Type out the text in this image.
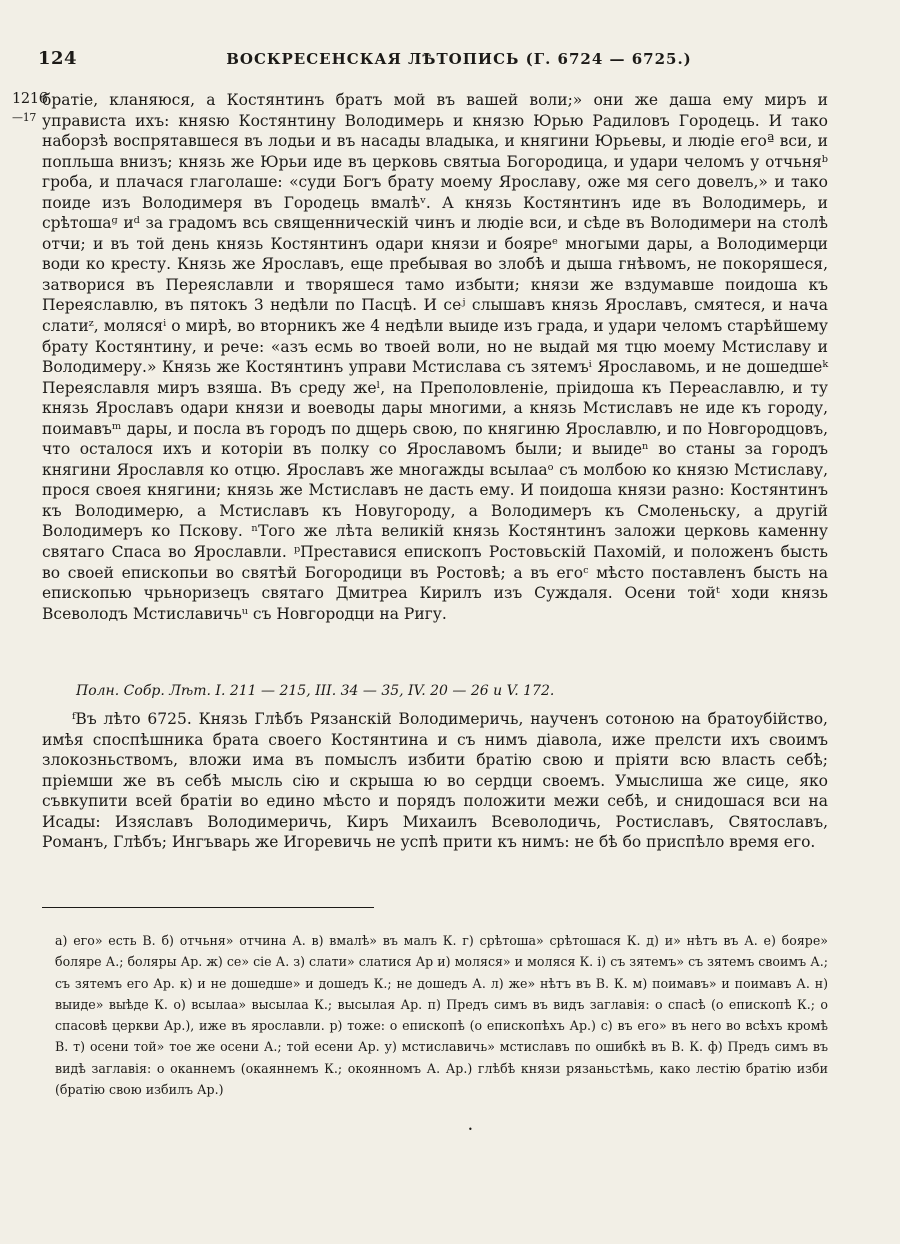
124	ВОСКРЕСЕНСКАЯ ЛѢТОПИСЬ (Г. 6724 — 6725.)
1216
—17
братіе, кланяюся, а Костянтинъ братъ мой въ вашей воли;» они же даша ему миръ и управиста ихъ: княѕю Костянтину Володимерь и князю Юрью Радиловъ Городець. И тако наборзѣ воспрятавшеся въ лодьи и въ насады владыка, и княгини Юрьевы, и людіе егоª вси, и попльша внизъ; князь же Юрьи иде въ церковь святыа Богородица, и удари челомъ у отчьняᵇ гроба, и плачася глаголаше: «суди Богъ брату моему Ярославу, оже мя сего довелъ,» и тако поиде изъ Володимеря въ Городець вмалѣᵛ. А князь Костянтинъ иде въ Володимерь, и срѣтошаᶢ иᵈ за градомъ всь священническій чинъ и людіе вси, и сѣде въ Володимери на столѣ отчи; и въ той день князь Костянтинъ одари князи и бояреᵉ многыми дары, а Володимерци води ко кресту. Князь же Ярославъ, еще пребывая во злобѣ и дыша гнѣвомъ, не покоряшеся, затворися въ Переяславли и творяшеся тамо избыти; князи же вздумавше поидоша къ Переяславлю, въ пятокъ 3 недѣли по Пасцѣ. И сеʲ слышавъ князь Ярославъ, смятеся, и нача слатиᶻ, молясяⁱ о мирѣ, во вторникъ же 4 недѣли выиде изъ града, и удари челомъ старѣйшему брату Костянтину, и рече: «азъ есмь во твоей воли, но не выдай мя тцю моему Мстиславу и Володимеру.» Князь же Костянтинъ управи Мстислава съ зятемъⁱ Ярославомь, и не дошедшеᵏ Переяславля миръ взяша. Въ среду жеˡ, на Преполовленіе, пріидоша къ Переаславлю, и ту князь Ярославъ одари князи и воеводы дары многими, а князь Мстиславъ не иде къ городу, поимавъᵐ дары, и посла въ городъ по дщерь свою, по княгиню Ярославлю, и по Новгородцовъ, что осталося ихъ и которіи въ полку со Ярославомъ были; и выидеⁿ во станы за городъ княгини Ярославля ко отцю. Ярославъ же многажды всылааᵒ съ молбою ко князю Мстиславу, прося своея княгини; князь же Мстиславъ не дасть ему. И поидоша князи разно: Костянтинъ къ Володимерю, а Мстиславъ къ Новугороду, а Володимеръ къ Смоленьску, а другій Володимеръ ко Пскову. ⁿТого же лѣта великій князь Костянтинъ заложи церковь каменну святаго Спаса во Ярославли. ᵖПреставися епископъ Ростовьскій Пахомій, и положенъ бысть во своей епископьи во святѣй Богородици въ Ростовѣ; а въ егоᶜ мѣсто поставленъ бысть на епископью чрьноризецъ святаго Дмитреа Кирилъ изъ Суждаля. Осени тойᵗ ходи князь Всеволодъ Мстиславичьᵘ съ Новгородци на Ригу.
Полн. Собр. Лѣт. I. 211 — 215, III. 34 — 35, IV. 20 — 26 и V. 172.
ᶠВъ лѣто 6725. Князь Глѣбъ Рязанскій Володимеричь, наученъ сотоною на братоубійство, имѣя споспѣшника брата своего Костянтина и съ нимъ діавола, иже прелсти ихъ своимъ злокозньствомъ, вложи има въ помыслъ избити братію свою и пріяти всю власть себѣ; пріемши же въ себѣ мысль сію и скрыша ю во сердци своемъ. Умыслиша же сице, яко съвкупити всей братіи во едино мѣсто и порядъ положити межи себѣ, и снидошася вси на Исады: Изяславъ Володимеричь, Киръ Михаилъ Всеволодичь, Ростиславъ, Святославъ, Романъ, Глѣбъ; Ингъварь же Игоревичь не успѣ прити къ нимъ: не бѣ бо приспѣло время его.
а) его» есть В. б) отчьня» отчина А. в) вмалѣ» въ малъ К. г) срѣтоша» срѣтошася К. д) и» нѣтъ въ А. е) бояре» боляре А.; боляры Ар. ж) се» сіе А. з) слати» слатися Ар и) моляся» и моляся К. і) съ зятемъ» съ зятемъ своимъ А.; съ зятемъ его Ар. к) и не дошедше» и дошедъ К.; не дошедъ А. л) же» нѣтъ въ В. К. м) поимавъ» и поимавъ А. н) выиде» выѣде К. о) всылаа» высылаа К.; высылая Ар. п) Предъ симъ въ видъ заглавія: о спасѣ (о епископѣ К.; о спасовѣ церкви Ар.), иже въ ярославли. р) тоже: о епископѣ (о епископѣхъ Ар.) с) въ его» въ него во всѣхъ кромѣ В. т) осени той» тое же осени А.; той есени Ар. у) мстиславичь» мстиславъ по ошибкѣ въ В. К. ф) Предъ симъ въ видѣ заглавія: о оканнемъ (окаяннемъ К.; окоянномъ А. Ар.) глѣбѣ князи рязаньстѣмь, како лестію братію изби (братію свою избилъ Ар.)
•
